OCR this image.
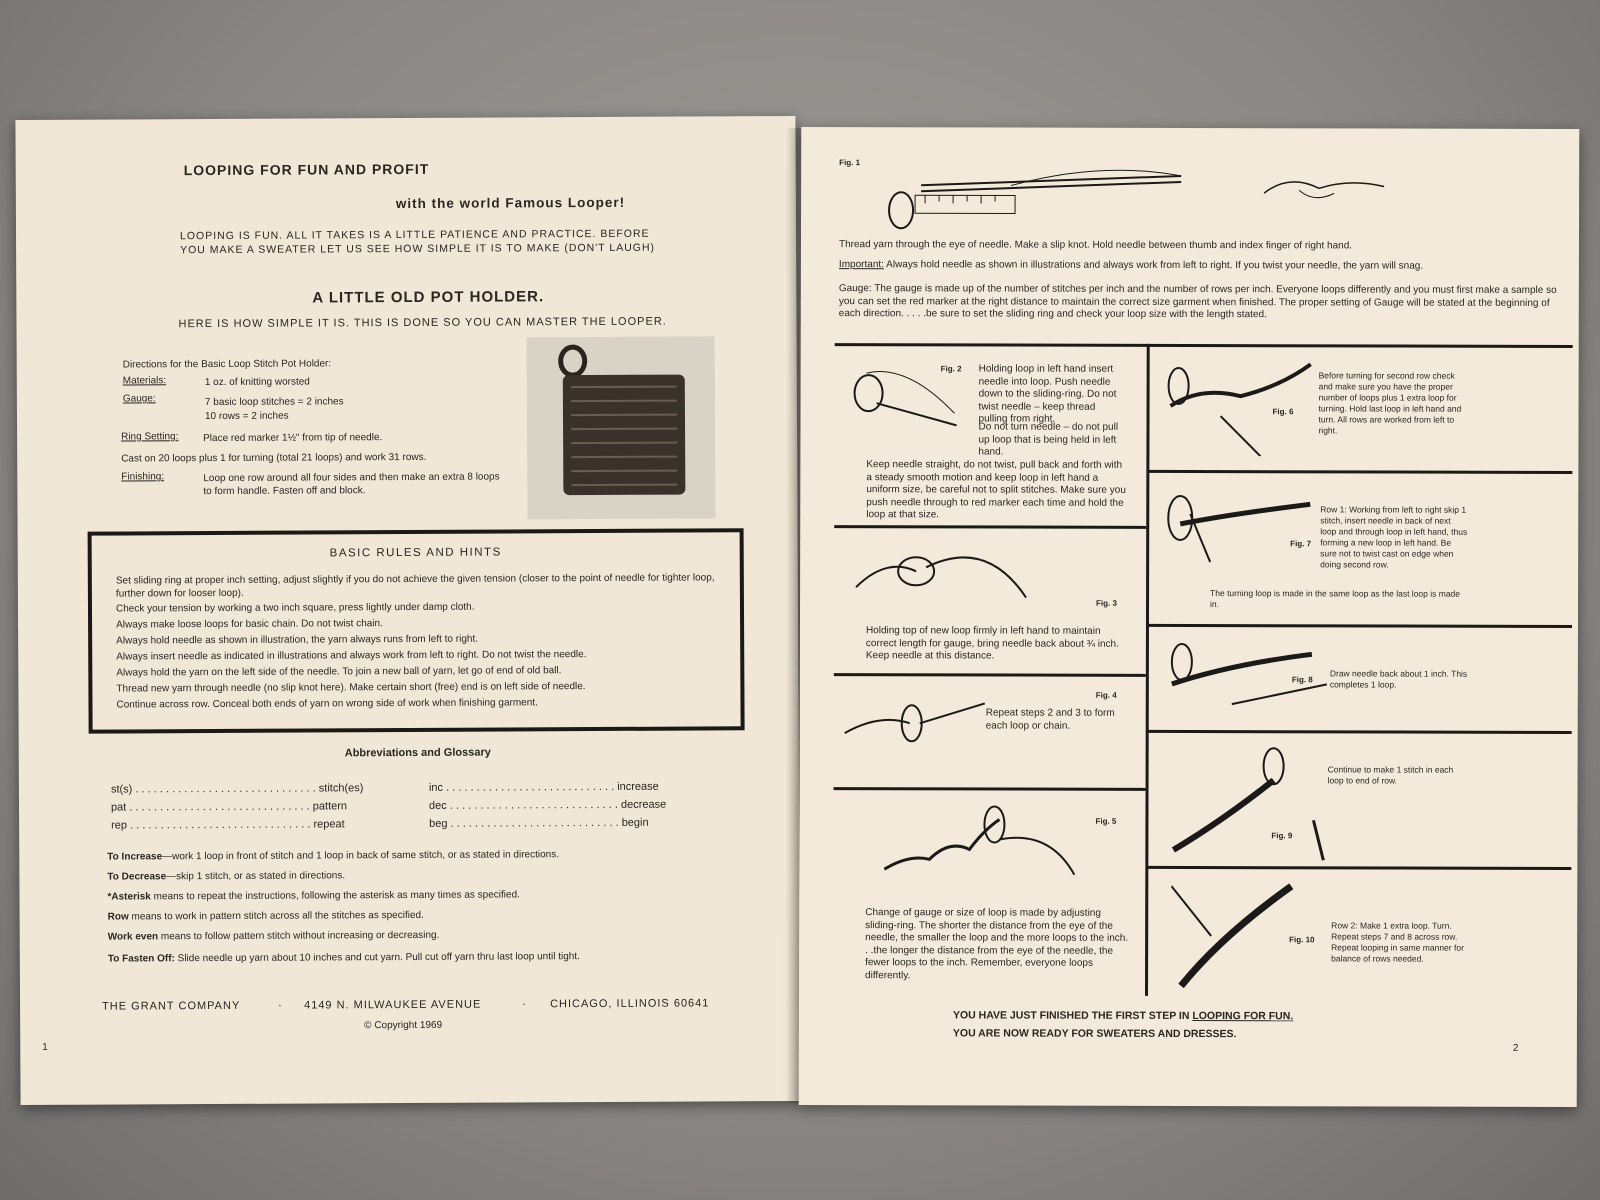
LOOPING FOR FUN AND PROFIT
with the world Famous Looper!
LOOPING IS FUN. ALL IT TAKES IS A LITTLE PATIENCE AND PRACTICE. BEFORE YOU MAKE A SWEATER LET US SEE HOW SIMPLE IT IS TO MAKE (DON'T LAUGH)
A LITTLE OLD POT HOLDER.
HERE IS HOW SIMPLE IT IS. THIS IS DONE SO YOU CAN MASTER THE LOOPER.
Directions for the Basic Loop Stitch Pot Holder:
Materials:	1 oz. of knitting worsted
Gauge:	7 basic loop stitches = 2 inches
10 rows = 2 inches
Ring Setting: Place red marker 1½" from tip of needle.
Cast on 20 loops plus 1 for turning (total 21 loops) and work 31 rows.
Finishing:	Loop one row around all four sides and then make an extra 8 loops to form handle. Fasten off and block.
BASIC RULES AND HINTS
Set sliding ring at proper inch setting, adjust slightly if you do not achieve the given tension (closer to the point of needle for tighter loop, further down for looser loop).
Check your tension by working a two inch square, press lightly under damp cloth.
Always make loose loops for basic chain. Do not twist chain.
Always hold needle as shown in illustration, the yarn always runs from left to right.
Always insert needle as indicated in illustrations and always work from left to right. Do not twist the needle.
Always hold the yarn on the left side of the needle. To join a new ball of yarn, let go of end of old ball.
Thread new yarn through needle (no slip knot here). Make certain short (free) end is on left side of needle.
Continue across row. Conceal both ends of yarn on wrong side of work when finishing garment.
Abbreviations and Glossary
st(s) . . . . . . . . . . . . . . . . . . . . . . . . . . . . . . stitch(es)	inc . . . . . . . . . . . . . . . . . . . . . . . . . . . . increase
pat . . . . . . . . . . . . . . . . . . . . . . . . . . . . . . pattern	dec . . . . . . . . . . . . . . . . . . . . . . . . . . . . decrease
rep . . . . . . . . . . . . . . . . . . . . . . . . . . . . . . repeat	beg . . . . . . . . . . . . . . . . . . . . . . . . . . . . begin
To Increase—work 1 loop in front of stitch and 1 loop in back of same stitch, or as stated in directions.
To Decrease—skip 1 stitch, or as stated in directions.
*Asterisk means to repeat the instructions, following the asterisk as many times as specified.
Row means to work in pattern stitch across all the stitches as specified.
Work even means to follow pattern stitch without increasing or decreasing.
To Fasten Off: Slide needle up yarn about 10 inches and cut yarn. Pull cut off yarn thru last loop until tight.
THE GRANT COMPANY	· 4149 N. MILWAUKEE AVENUE	· CHICAGO, ILLINOIS 60641
© Copyright 1969
1
Fig. 1
Thread yarn through the eye of needle. Make a slip knot. Hold needle between thumb and index finger of right hand.
Important: Always hold needle as shown in illustrations and always work from left to right. If you twist your needle, the yarn will snag.
Gauge: The gauge is made up of the number of stitches per inch and the number of rows per inch. Everyone loops differently and you must first make a sample so you can set the red marker at the right distance to maintain the correct size garment when finished. The proper setting of Gauge will be stated at the beginning of each direction. . . . .be sure to set the sliding ring and check your loop size with the length stated.
Fig. 2 Holding loop in left hand insert needle into loop. Push needle down to the sliding-ring. Do not twist needle – keep thread pulling from right.
Do not turn needle – do not pull up loop that is being held in left hand.
Keep needle straight, do not twist, pull back and forth with a steady smooth motion and keep loop in left hand a uniform size, be careful not to split stitches. Make sure you push needle through to red marker each time and hold the loop at that size.
Fig. 3
Holding top of new loop firmly in left hand to maintain correct length for gauge, bring needle back about ¾ inch. Keep needle at this distance.
Fig. 4
Repeat steps 2 and 3 to form each loop or chain.
Fig. 5
Change of gauge or size of loop is made by adjusting sliding-ring. The shorter the distance from the eye of the needle, the smaller the loop and the more loops to the inch. . .the longer the distance from the eye of the needle, the fewer loops to the inch. Remember, everyone loops differently.
Fig. 6
Before turning for second row check and make sure you have the proper number of loops plus 1 extra loop for turning. Hold last loop in left hand and turn. All rows are worked from left to right.
Fig. 7
Row 1: Working from left to right skip 1 stitch, insert needle in back of next loop and through loop in left hand, thus forming a new loop in left hand. Be sure not to twist cast on edge when doing second row.
The turning loop is made in the same loop as the last loop is made in.
Fig. 8
Draw needle back about 1 inch. This completes 1 loop.
Fig. 9
Continue to make 1 stitch in each loop to end of row.
Fig. 10
Row 2: Make 1 extra loop. Turn. Repeat steps 7 and 8 across row. Repeat looping in same manner for balance of rows needed.
YOU HAVE JUST FINISHED THE FIRST STEP IN LOOPING FOR FUN.
YOU ARE NOW READY FOR SWEATERS AND DRESSES.
2
